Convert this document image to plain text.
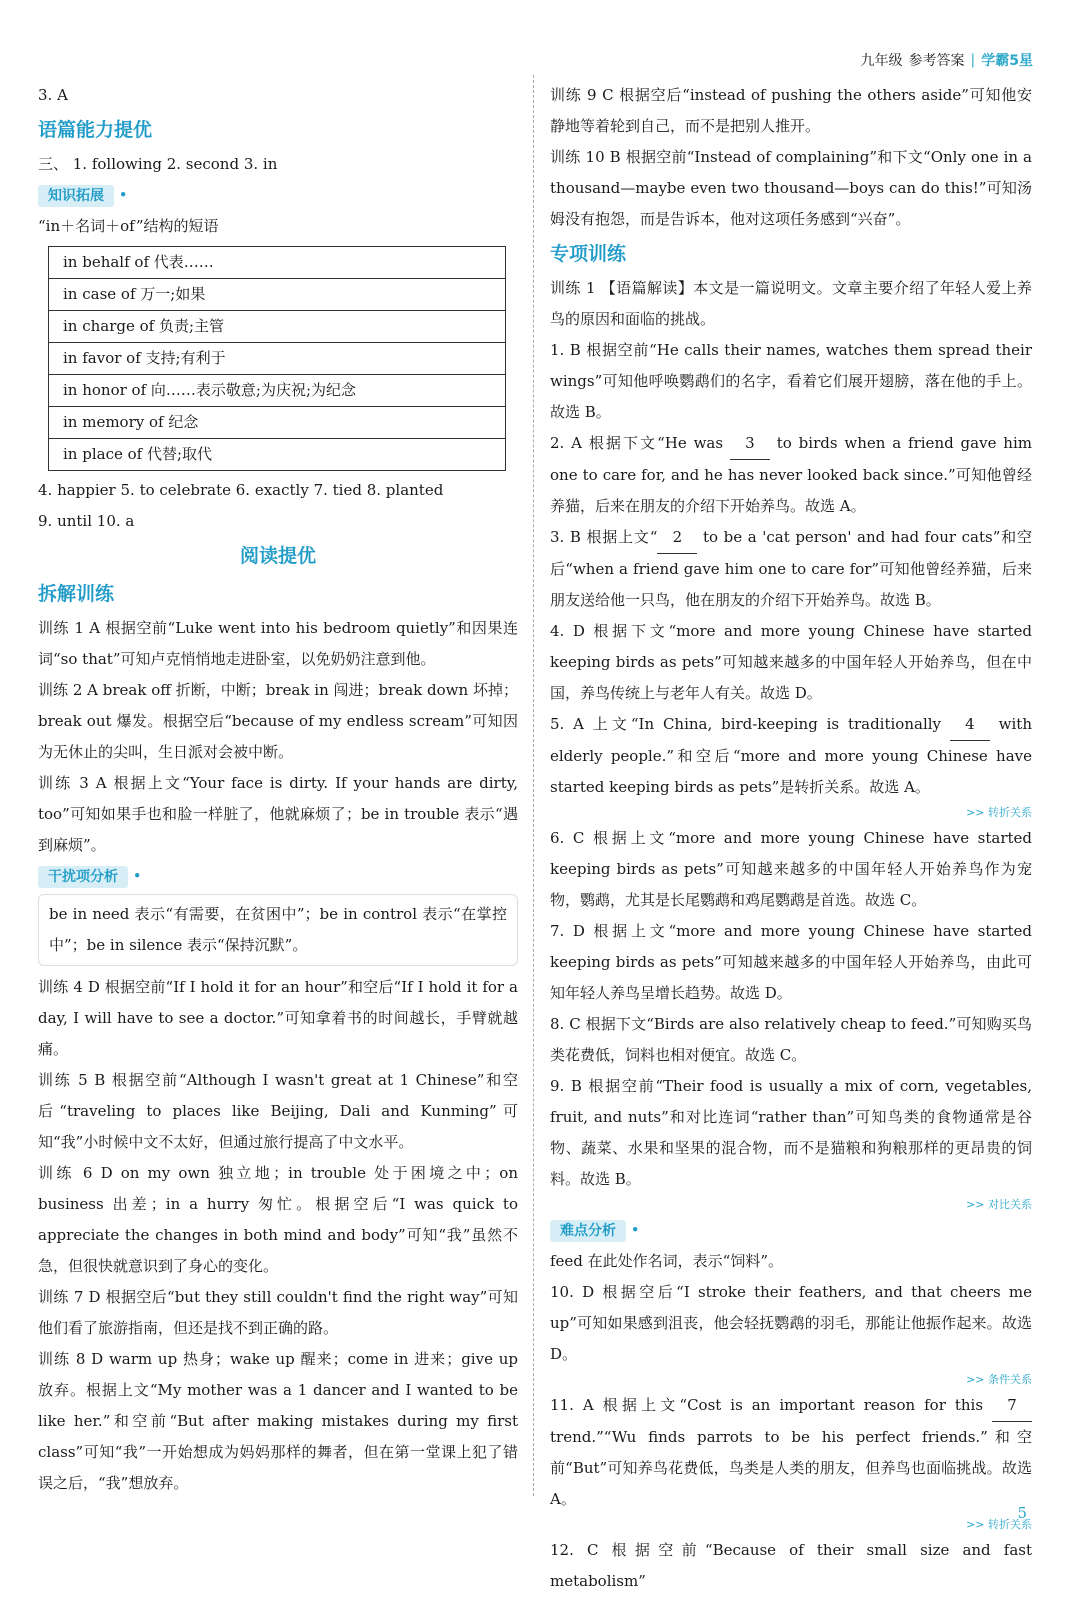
九年级 参考答案 | 学霸5星

3. A

语篇能力提优

三、 1. following 2. second 3. in

知识拓展 •

“in＋名词＋of”结构的短语

in behalf of 代表……
in case of 万一;如果
in charge of 负责;主管
in favor of 支持;有利于
in honor of 向……表示敬意;为庆祝;为纪念
in memory of 纪念
in place of 代替;取代

4. happier 5. to celebrate 6. exactly 7. tied 8. planted

9. until 10. a

阅读提优

拆解训练

训练 1 A 根据空前“Luke went into his bedroom quietly”和因果连词“so that”可知卢克悄悄地走进卧室，以免奶奶注意到他。

训练 2 A break off 折断，中断；break in 闯进；break down 坏掉；break out 爆发。根据空后“because of my endless scream”可知因为无休止的尖叫，生日派对会被中断。

训练 3 A 根据上文“Your face is dirty. If your hands are dirty, too”可知如果手也和脸一样脏了，他就麻烦了；be in trouble 表示“遇到麻烦”。

干扰项分析 •

be in need 表示“有需要，在贫困中”；be in control 表示“在掌控中”；be in silence 表示“保持沉默”。

训练 4 D 根据空前“If I hold it for an hour”和空后“If I hold it for a day, I will have to see a doctor.”可知拿着书的时间越长，手臂就越痛。

训练 5 B 根据空前“Although I wasn't great at 1 Chinese”和空后“traveling to places like Beijing, Dali and Kunming”可知“我”小时候中文不太好，但通过旅行提高了中文水平。

训练 6 D on my own 独立地；in trouble 处于困境之中；on business 出差；in a hurry 匆忙。根据空后“I was quick to appreciate the changes in both mind and body”可知“我”虽然不急，但很快就意识到了身心的变化。

训练 7 D 根据空后“but they still couldn't find the right way”可知他们看了旅游指南，但还是找不到正确的路。

训练 8 D warm up 热身；wake up 醒来；come in 进来；give up 放弃。根据上文“My mother was a 1 dancer and I wanted to be like her.”和空前“But after making mistakes during my first class”可知“我”一开始想成为妈妈那样的舞者，但在第一堂课上犯了错误之后，“我”想放弃。

训练 9 C 根据空后“instead of pushing the others aside”可知他安静地等着轮到自己，而不是把别人推开。

训练 10 B 根据空前“Instead of complaining”和下文“Only one in a thousand—maybe even two thousand—boys can do this!”可知汤姆没有抱怨，而是告诉本，他对这项任务感到“兴奋”。

专项训练

训练 1 【语篇解读】本文是一篇说明文。文章主要介绍了年轻人爱上养鸟的原因和面临的挑战。

1. B 根据空前“He calls their names, watches them spread their wings”可知他呼唤鹦鹉们的名字，看着它们展开翅膀，落在他的手上。故选 B。

2. A 根据下文“He was 3 to birds when a friend gave him one to care for, and he has never looked back since.”可知他曾经养猫，后来在朋友的介绍下开始养鸟。故选 A。

3. B 根据上文“ 2 to be a 'cat person' and had four cats”和空后“when a friend gave him one to care for”可知他曾经养猫，后来朋友送给他一只鸟，他在朋友的介绍下开始养鸟。故选 B。

4. D 根据下文“more and more young Chinese have started keeping birds as pets”可知越来越多的中国年轻人开始养鸟，但在中国，养鸟传统上与老年人有关。故选 D。

5. A 上文“In China, bird-keeping is traditionally 4 with elderly people.”和空后“more and more young Chinese have started keeping birds as pets”是转折关系。故选 A。

>> 转折关系

6. C 根据上文“more and more young Chinese have started keeping birds as pets”可知越来越多的中国年轻人开始养鸟作为宠物，鹦鹉，尤其是长尾鹦鹉和鸡尾鹦鹉是首选。故选 C。

7. D 根据上文“more and more young Chinese have started keeping birds as pets”可知越来越多的中国年轻人开始养鸟，由此可知年轻人养鸟呈增长趋势。故选 D。

8. C 根据下文“Birds are also relatively cheap to feed.”可知购买鸟类花费低，饲料也相对便宜。故选 C。

9. B 根据空前“Their food is usually a mix of corn, vegetables, fruit, and nuts”和对比连词“rather than”可知鸟类的食物通常是谷物、蔬菜、水果和坚果的混合物，而不是猫粮和狗粮那样的更昂贵的饲料。故选 B。

>> 对比关系
难点分析 •

feed 在此处作名词，表示“饲料”。

10. D 根据空后“I stroke their feathers, and that cheers me up”可知如果感到沮丧，他会轻抚鹦鹉的羽毛，那能让他振作起来。故选 D。

>> 条件关系

11. A 根据上文“Cost is an important reason for this 7 trend.”“Wu finds parrots to be his perfect friends.”和空前“But”可知养鸟花费低，鸟类是人类的朋友，但养鸟也面临挑战。故选 A。

>> 转折关系

12. C 根据空前“Because of their small size and fast metabolism”

5
